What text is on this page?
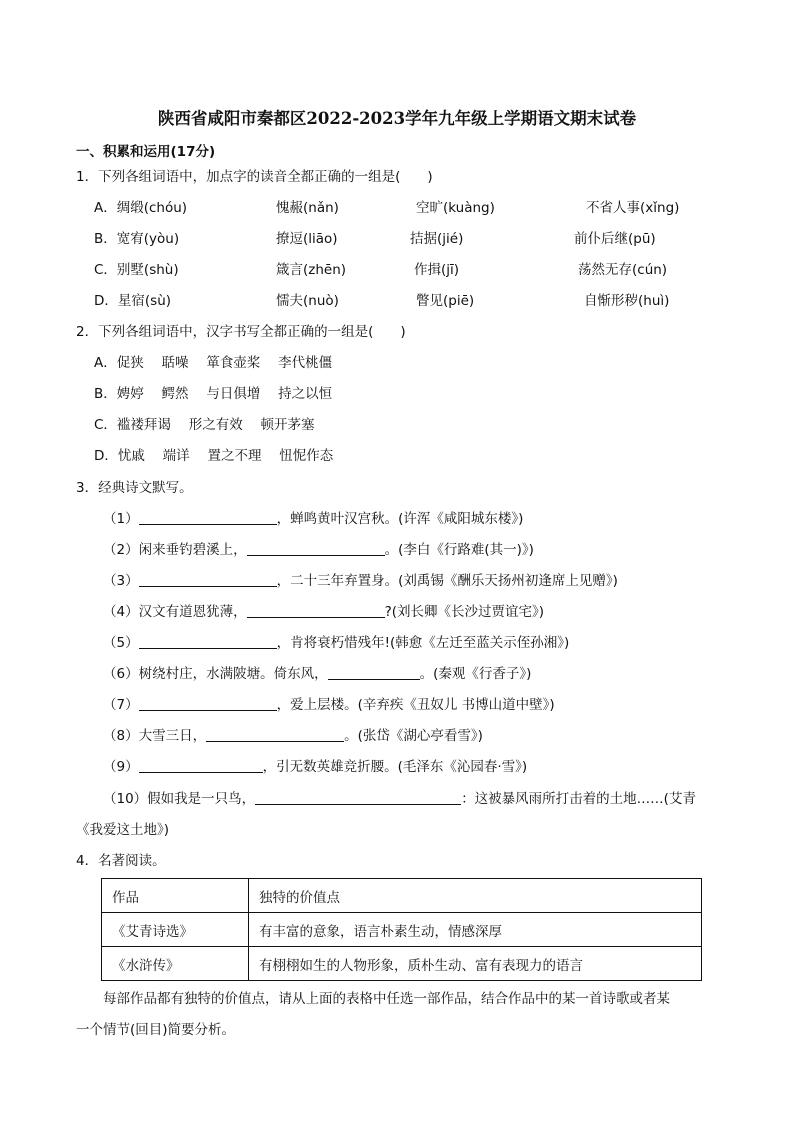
陕西省咸阳市秦都区2022-2023学年九年级上学期语文期末试卷
一、积累和运用(17分)
1．下列各组词语中，加点字的读音全都正确的一组是(　　)
A．绸缎(chóu)	愧赧(nǎn)	空旷(kuàng)	不省人事(xǐng)
B．宽宥(yòu)	撩逗(liāo)	拮据(jié)	前仆后继(pū)
C．别墅(shù)	箴言(zhēn)	作揖(jī)	荡然无存(cún)
D．星宿(sù)	懦夫(nuò)	瞥见(piē)	自惭形秽(huì)
2．下列各组词语中，汉字书写全都正确的一组是(　　)
A．促狭　 聒噪　 箪食壶桨　 李代桃僵
B．娉婷　 鳄然　 与日俱增　 持之以恒
C．褴褛拜谒　 形之有效　 顿开茅塞
D．忧戚　 端详　 置之不理　 忸怩作态
3．经典诗文默写。
（1）	，蝉鸣黄叶汉宫秋。(许浑《咸阳城东楼》)
（2）闲来垂钓碧溪上，	。(李白《行路难(其一)》)
（3）	，二十三年弃置身。(刘禹锡《酬乐天扬州初逢席上见赠》)
（4）汉文有道恩犹薄，	?(刘长卿《长沙过贾谊宅》)
（5）	，肯将衰朽惜残年!(韩愈《左迁至蓝关示侄孙湘》)
（6）树绕村庄，水满陂塘。倚东风，	。(秦观《行香子》)
（7）	，爱上层楼。(辛弃疾《丑奴儿 书博山道中壁》)
（8）大雪三日，	。(张岱《湖心亭看雪》)
（9）	，引无数英雄竞折腰。(毛泽东《沁园春·雪》)
（10）假如我是一只鸟，	：这被暴风雨所打击着的土地……(艾青
《我爱这土地》)
4．名著阅读。
作品	独特的价值点
《艾青诗选》	有丰富的意象，语言朴素生动，情感深厚
《水浒传》	有栩栩如生的人物形象，质朴生动、富有表现力的语言
每部作品都有独特的价值点，请从上面的表格中任选一部作品，结合作品中的某一首诗歌或者某
一个情节(回目)简要分析。
